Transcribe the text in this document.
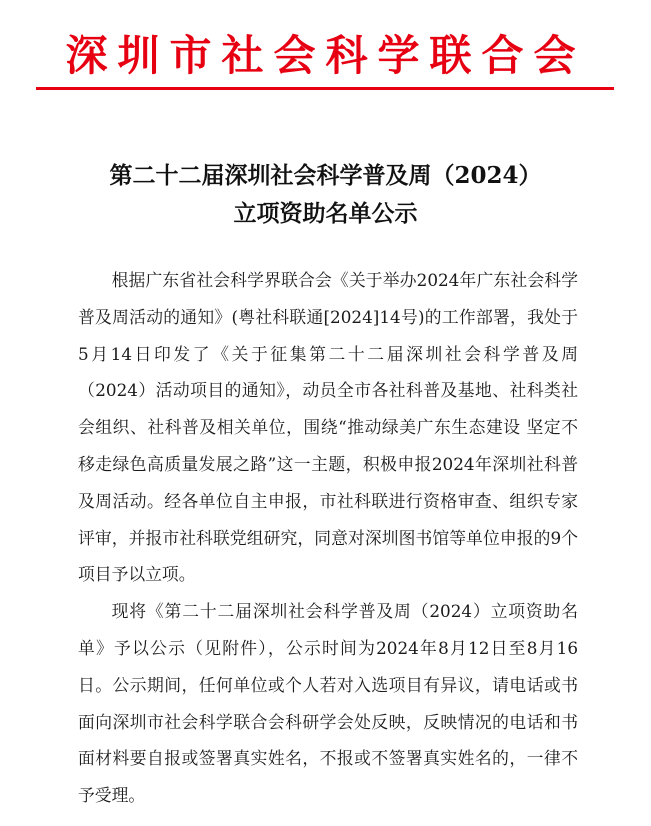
深圳市社会科学联合会
第二十二届深圳社会科学普及周（2024）
立项资助名单公示

根据广东省社会科学界联合会《关于举办2024年广东社会科学普及周活动的通知》(粤社科联通[2024]14号)的工作部署，我处于5月14日印发了《关于征集第二十二届深圳社会科学普及周（2024）活动项目的通知》，动员全市各社科普及基地、社科类社会组织、社科普及相关单位，围绕“推动绿美广东生态建设 坚定不移走绿色高质量发展之路”这一主题，积极申报2024年深圳社科普及周活动。经各单位自主申报，市社科联进行资格审查、组织专家评审，并报市社科联党组研究，同意对深圳图书馆等单位申报的9个项目予以立项。

现将《第二十二届深圳社会科学普及周（2024）立项资助名单》予以公示（见附件），公示时间为2024年8月12日至8月16日。公示期间，任何单位或个人若对入选项目有异议，请电话或书面向深圳市社会科学联合会科研学会处反映，反映情况的电话和书面材料要自报或签署真实姓名，不报或不签署真实姓名的，一律不予受理。
